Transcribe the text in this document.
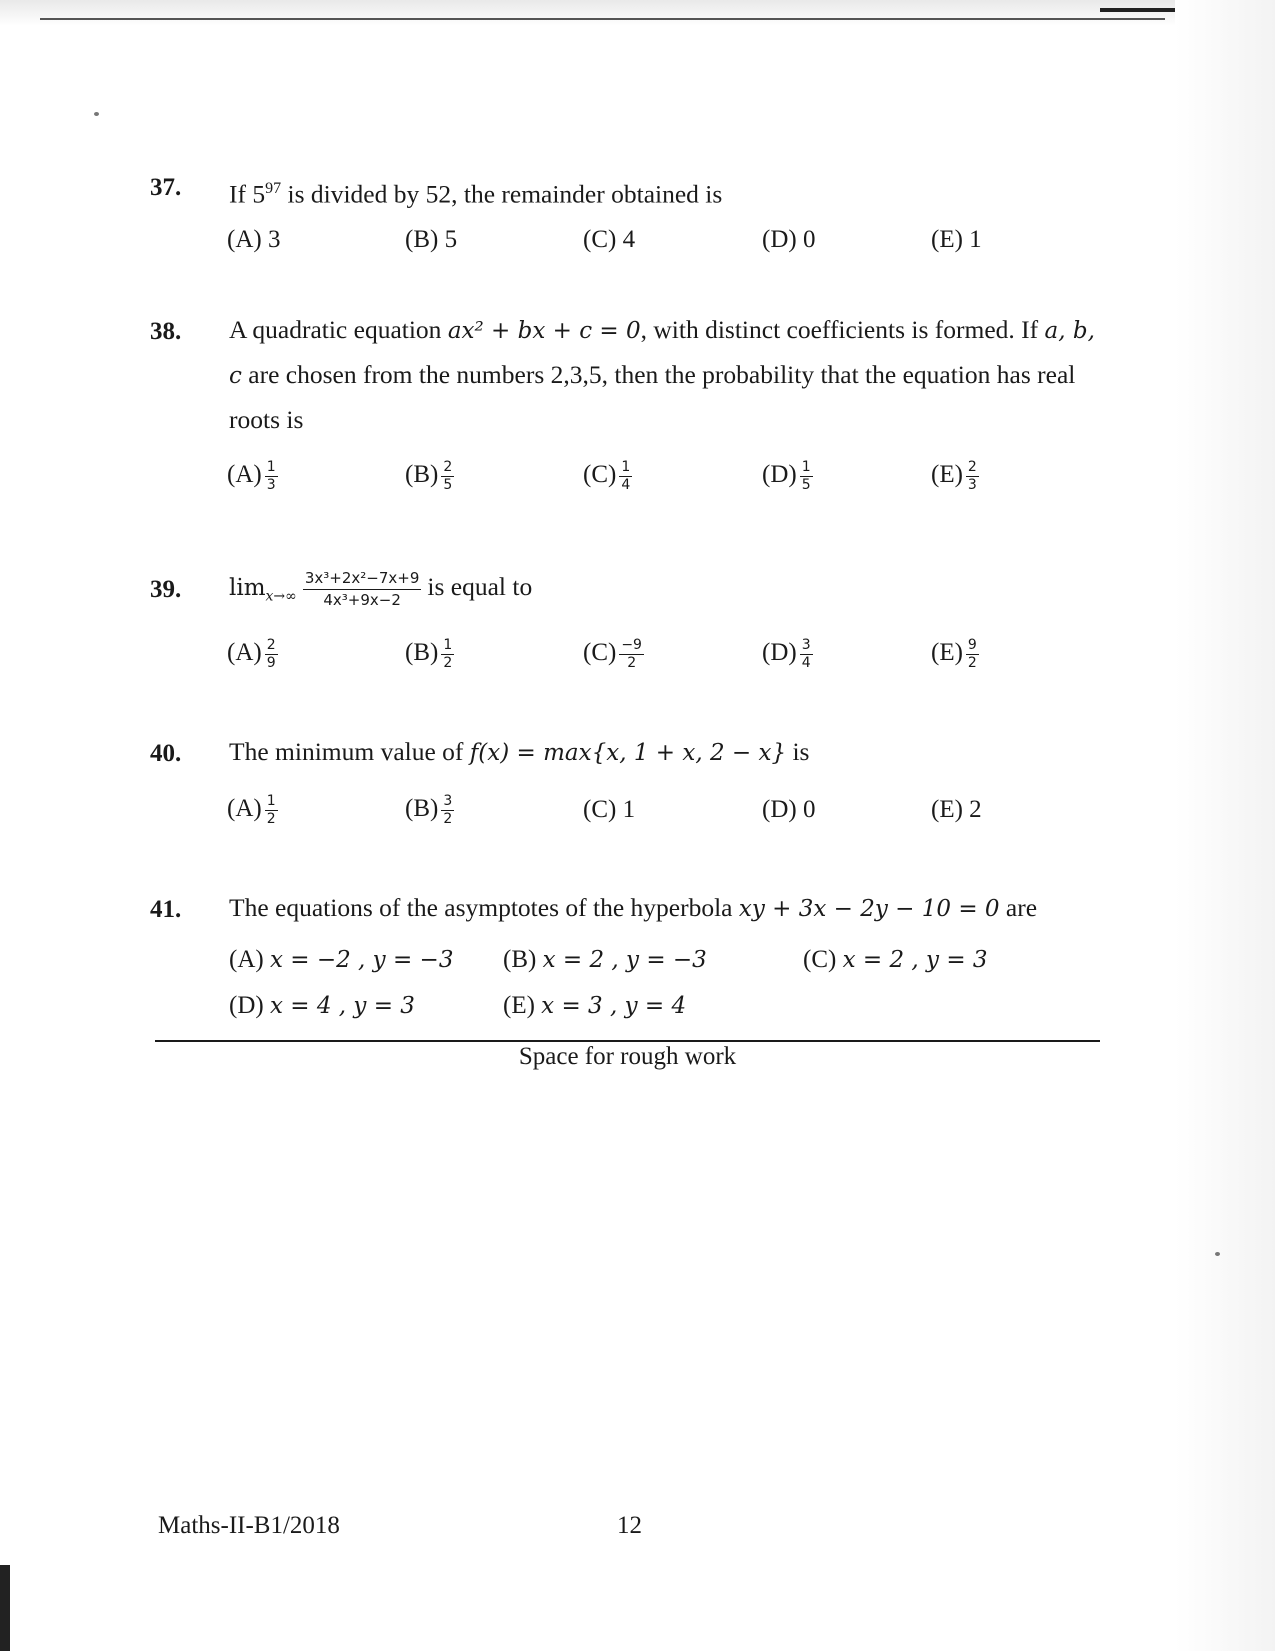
37. If $5^{97}$ is divided by 52, the remainder obtained is
(A) 3	(B) 5	(C) 4	(D) 0	(E) 1
38. A quadratic equation ax² + bx + c = 0, with distinct coefficients is formed. If a, b, c are chosen from the numbers 2,3,5, then the probability that the equation has real roots is
$(A) \frac{1}{3}$	$(B) \frac{2}{5}$	$(C) \frac{1}{4}$	$(D) \frac{1}{5}$	$(E) \frac{2}{3}$
39. $\lim_{x\to\infty} \frac{\text{3x³+2x²−7x+9}}{\text{4x³+9x−2}}$ is equal to
$(A) \frac{2}{9}$	$(B) \frac{1}{2}$	$(C) \frac{-9}{2}$	$(D) \frac{3}{4}$	$(E) \frac{9}{2}$
40. The minimum value of f(x) = max{x, 1 + x, 2 − x} is
$(A) \frac{1}{2}$	$(B) \frac{3}{2}$	(C) 1	(D) 0	(E) 2
41. The equations of the asymptotes of the hyperbola xy + 3x − 2y − 10 = 0 are
(A) x = −2 , y = −3 (B) x = 2 , y = −3	(C) x = 2 , y = 3
(D) x = 4 , y = 3	(E) x = 3 , y = 4
Space for rough work
Maths-II-B1/2018	12
